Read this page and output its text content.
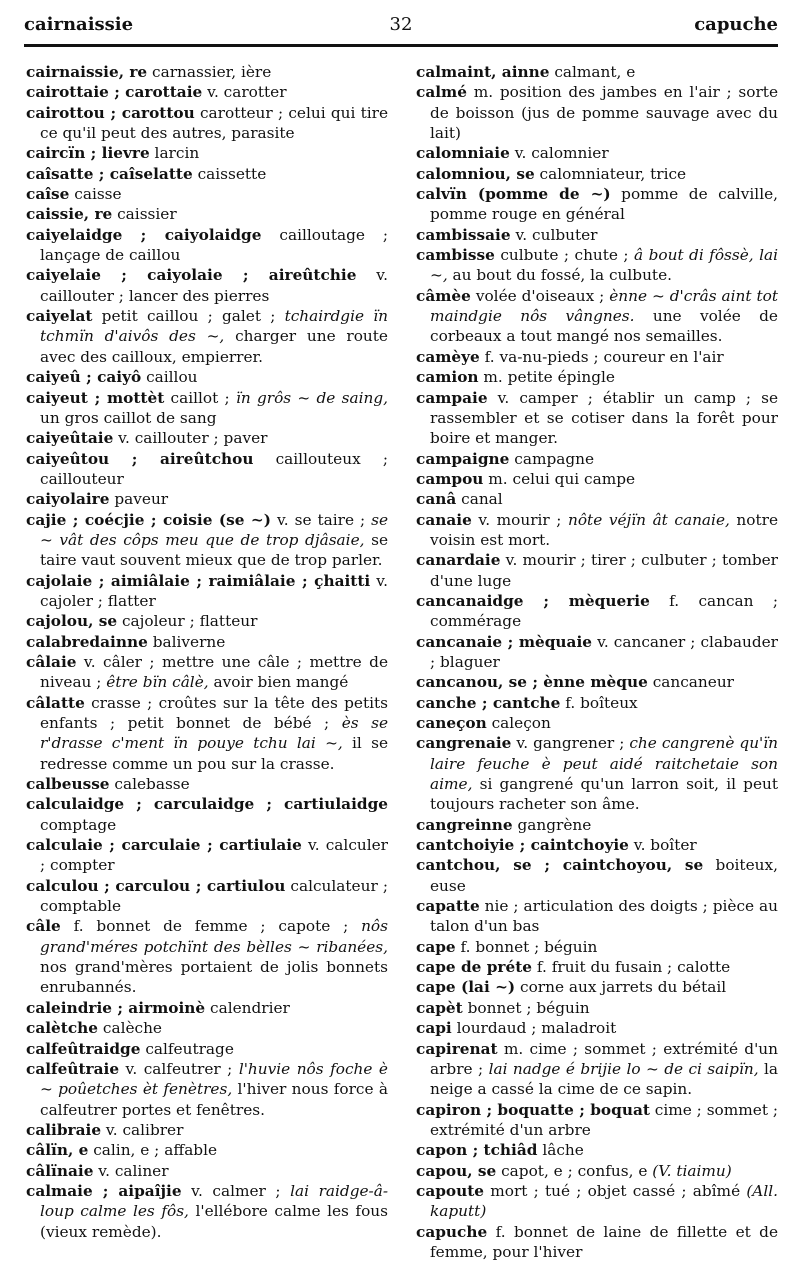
cairnaissie	32	capuche
cairnaissie, re carnassier, ière
cairottaie ; carottaie v. carotter
cairottou ; carottou carotteur ; celui qui tire ce qu'il peut des autres, parasite
caircïn ; lievre larcin
caîsatte ; caîselatte caissette
caîse caisse
caissie, re caissier
caiyelaidge ; caiyolaidge cailloutage ; lançage de caillou
caiyelaie ; caiyolaie ; aireûtchie v. caillouter ; lancer des pierres
caiyelat petit caillou ; galet ; tchairdgie ïn tchmïn d'aivôs des ~, charger une route avec des cailloux, empierrer.
caiyeû ; caiyô caillou
caiyeut ; mottèt caillot ; ïn grôs ~ de saing, un gros caillot de sang
caiyeûtaie v. caillouter ; paver
caiyeûtou ; aireûtchou caillouteux ; caillouteur
caiyolaire paveur
cajie ; coécjie ; coisie (se ~) v. se taire ; se ~ vât des côps meu que de trop djâsaie, se taire vaut souvent mieux que de trop parler.
cajolaie ; aimiâlaie ; raimiâlaie ; çhaitti v. cajoler ; flatter
cajolou, se cajoleur ; flatteur
calabredainne baliverne
câlaie v. câler ; mettre une câle ; mettre de niveau ; être bïn câlè, avoir bien mangé
câlatte crasse ; croûtes sur la tête des petits enfants ; petit bonnet de bébé ; ès se r'drasse c'ment ïn pouye tchu lai ~, il se redresse comme un pou sur la crasse.
calbeusse calebasse
calculaidge ; carculaidge ; cartiulaidge comptage
calculaie ; carculaie ; cartiulaie v. calculer ; compter
calculou ; carculou ; cartiulou calculateur ; comptable
câle f. bonnet de femme ; capote ; nôs grand'méres potchïnt des bèlles ~ ribanées, nos grand'mères portaient de jolis bonnets enrubannés.
caleindrie ; airmoinè calendrier
calètche calèche
calfeûtraidge calfeutrage
calfeûtraie v. calfeutrer ; l'huvie nôs foche è ~ poûetches èt fenètres, l'hiver nous force à calfeutrer portes et fenêtres.
calibraie v. calibrer
câlïn, e calin, e ; affable
câlïnaie v. caliner
calmaie ; aipaîjie v. calmer ; lai raidge-â-loup calme les fôs, l'ellébore calme les fous (vieux remède).
calmaint, ainne calmant, e
calmé m. position des jambes en l'air ; sorte de boisson (jus de pomme sauvage avec du lait)
calomniaie v. calomnier
calomniou, se calomniateur, trice
calvïn (pomme de ~) pomme de calville, pomme rouge en général
cambissaie v. culbuter
cambisse culbute ; chute ; â bout di fôssè, lai ~, au bout du fossé, la culbute.
câmèe volée d'oiseaux ; ènne ~ d'crâs aint tot maindgie nôs vângnes. une volée de corbeaux a tout mangé nos semailles.
camèye f. va-nu-pieds ; coureur en l'air
camion m. petite épingle
campaie v. camper ; établir un camp ; se rassembler et se cotiser dans la forêt pour boire et manger.
campaigne campagne
campou m. celui qui campe
canâ canal
canaie v. mourir ; nôte véjïn ât canaie, notre voisin est mort.
canardaie v. mourir ; tirer ; culbuter ; tomber d'une luge
cancanaidge ; mèquerie f. cancan ; commérage
cancanaie ; mèquaie v. cancaner ; clabauder ; blaguer
cancanou, se ; ènne mèque cancaneur
canche ; cantche f. boîteux
caneçon caleçon
cangrenaie v. gangrener ; che cangrenè qu'ïn laire feuche è peut aidé raitchetaie son aime, si gangrené qu'un larron soit, il peut toujours racheter son âme.
cangreinne gangrène
cantchoiyie ; caintchoyie v. boîter
cantchou, se ; caintchoyou, se boiteux, euse
capatte nie ; articulation des doigts ; pièce au talon d'un bas
cape f. bonnet ; béguin
cape de préte f. fruit du fusain ; calotte
cape (lai ~) corne aux jarrets du bétail
capèt bonnet ; béguin
capi lourdaud ; maladroit
capirenat m. cime ; sommet ; extrémité d'un arbre ; lai nadge é brijie lo ~ de ci saipïn, la neige a cassé la cime de ce sapin.
capiron ; boquatte ; boquat cime ; sommet ; extrémité d'un arbre
capon ; tchiâd lâche
capou, se capot, e ; confus, e (V. tiaimu)
capoute mort ; tué ; objet cassé ; abîmé (All. kaputt)
capuche f. bonnet de laine de fillette et de femme, pour l'hiver
